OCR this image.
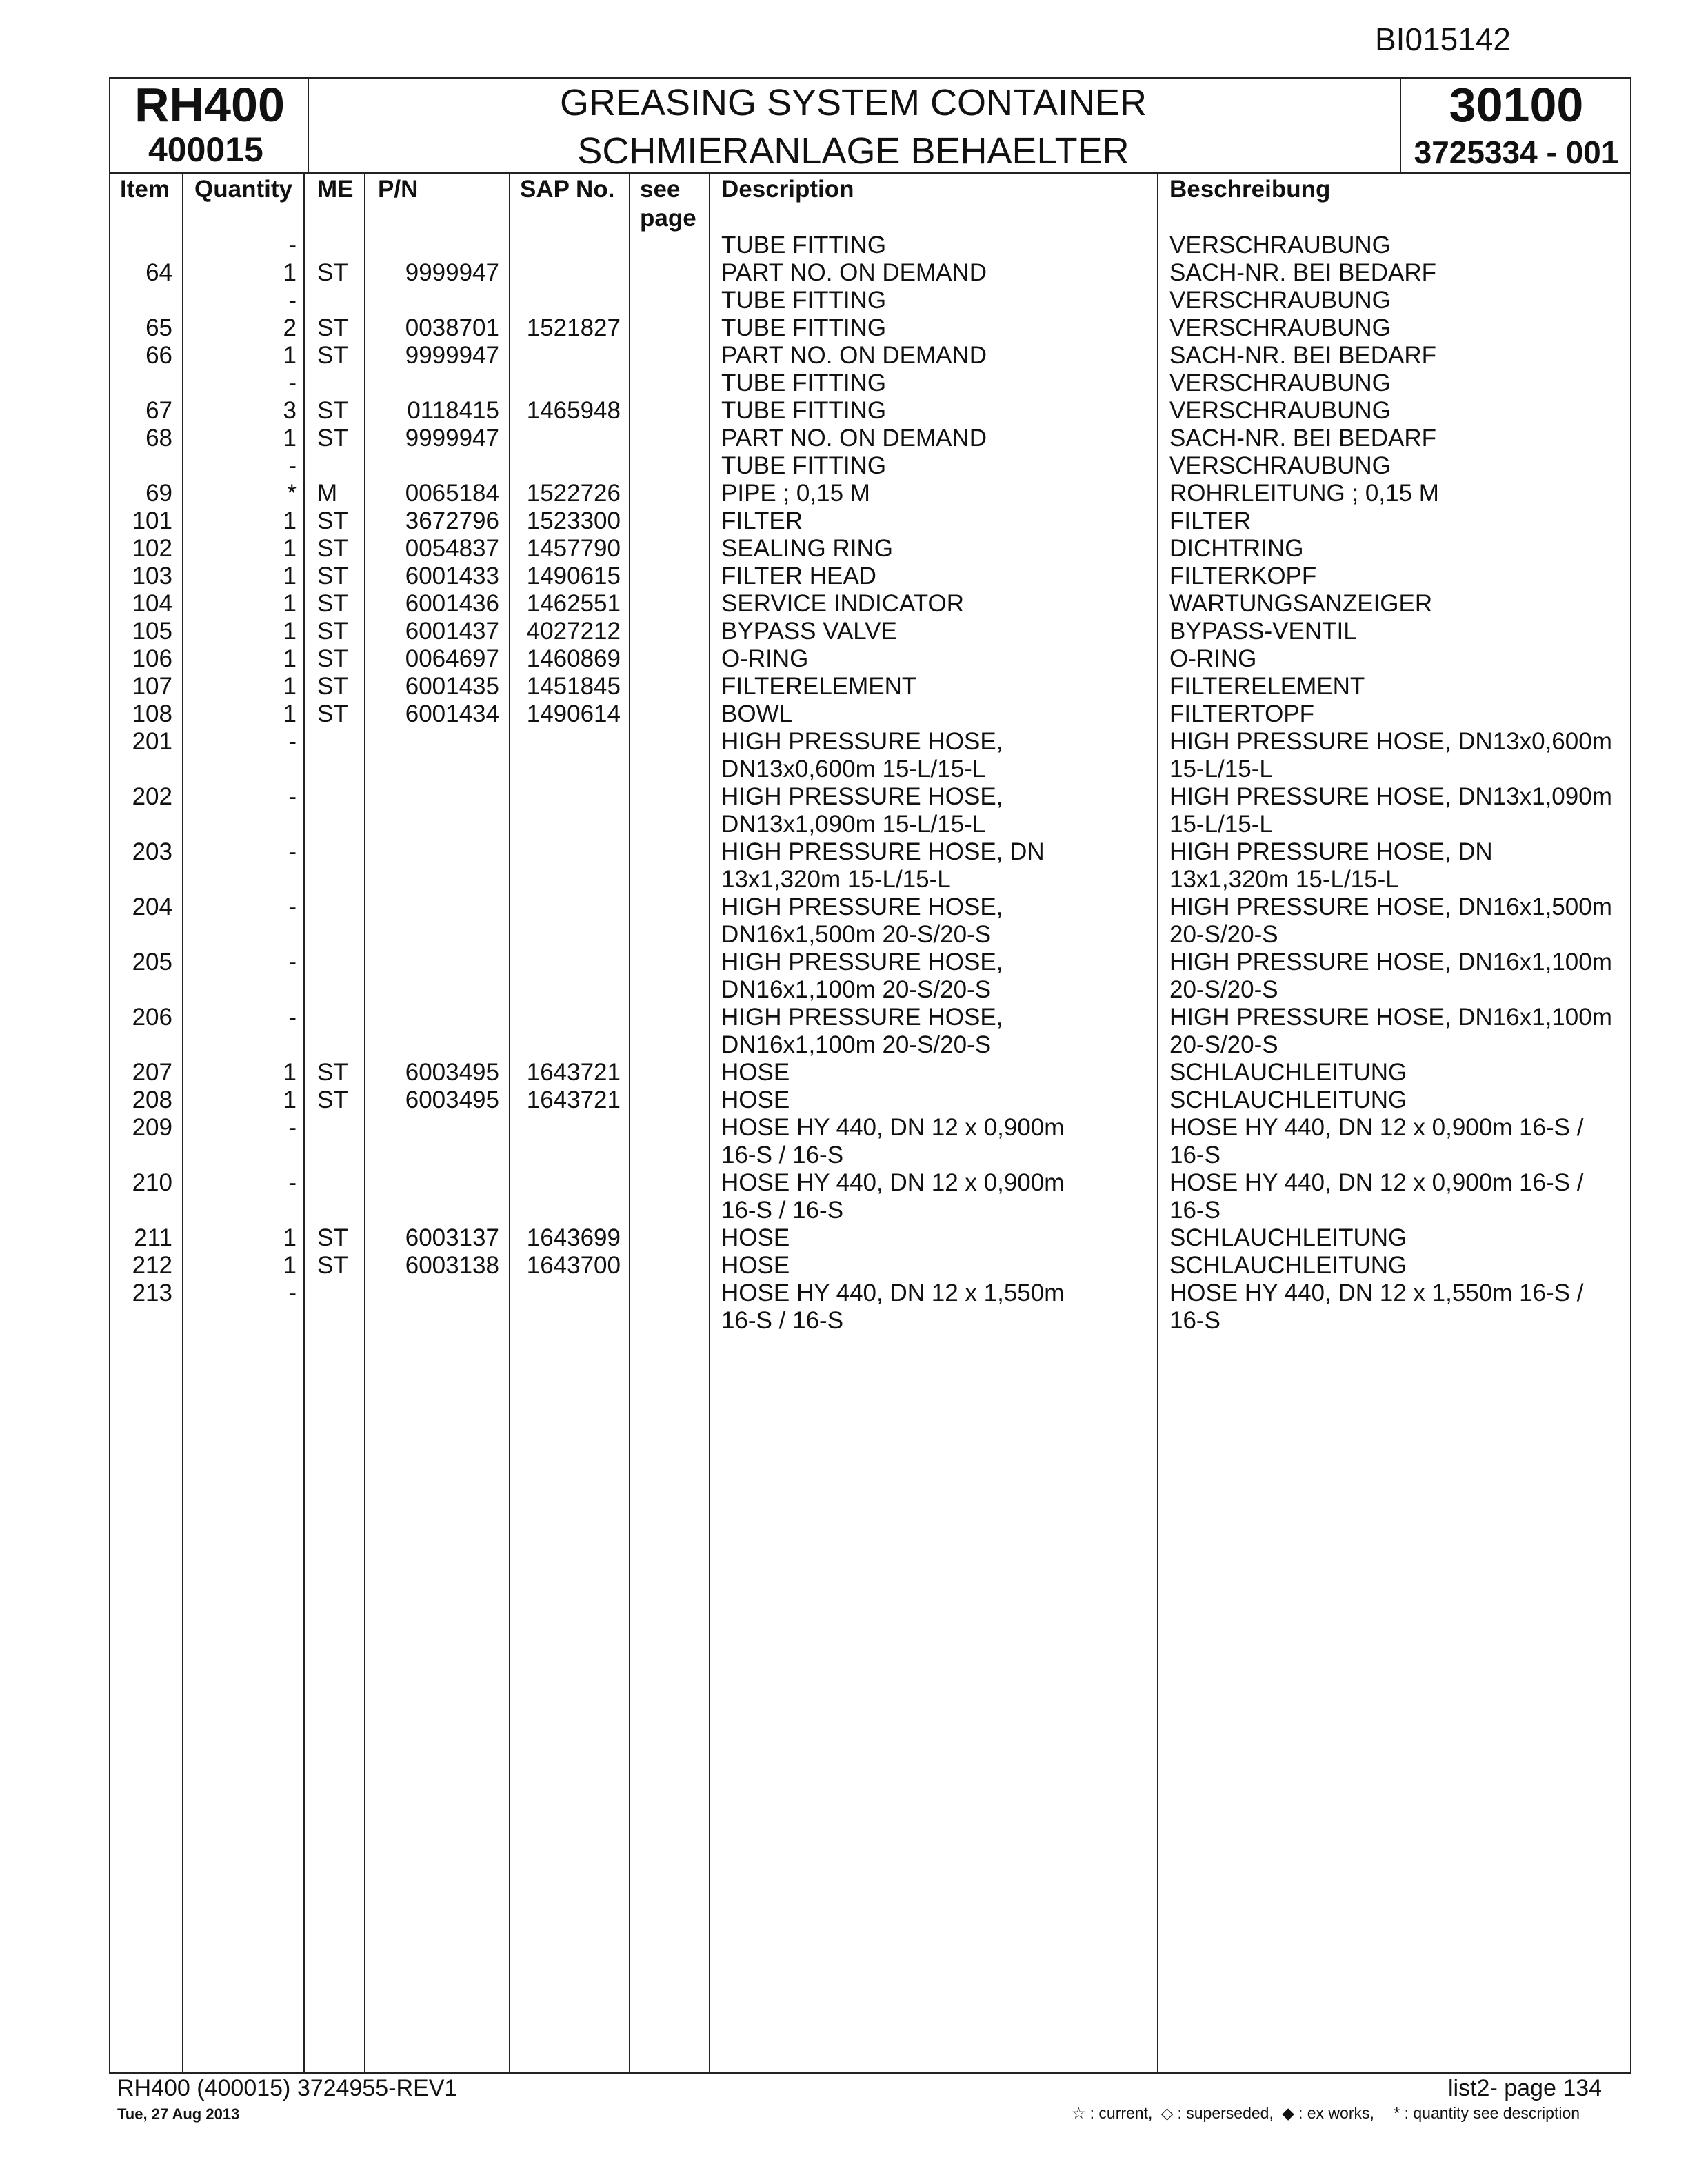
BI015142
RH400
400015
GREASING SYSTEM CONTAINER
SCHMIERANLAGE BEHAELTER
30100
3725334 - 001
Item Quantity ME P/N	SAP No. see
page
Description	Beschreibung
-	TUBE FITTING	VERSCHRAUBUNG
64	1 ST	9999947	PART NO. ON DEMAND	SACH-NR. BEI BEDARF
-	TUBE FITTING	VERSCHRAUBUNG
65	2 ST	0038701	1521827	TUBE FITTING	VERSCHRAUBUNG
66	1 ST	9999947	PART NO. ON DEMAND	SACH-NR. BEI BEDARF
-	TUBE FITTING	VERSCHRAUBUNG
67	3 ST	0118415	1465948	TUBE FITTING	VERSCHRAUBUNG
68	1 ST	9999947	PART NO. ON DEMAND	SACH-NR. BEI BEDARF
-	TUBE FITTING	VERSCHRAUBUNG
69	* M	0065184	1522726	PIPE ; 0,15 M	ROHRLEITUNG ; 0,15 M
101	1 ST	3672796	1523300	FILTER	FILTER
102	1 ST	0054837	1457790	SEALING RING	DICHTRING
103	1 ST	6001433	1490615	FILTER HEAD	FILTERKOPF
104	1 ST	6001436	1462551	SERVICE INDICATOR	WARTUNGSANZEIGER
105	1 ST	6001437	4027212	BYPASS VALVE	BYPASS-VENTIL
106	1 ST	0064697	1460869	O-RING	O-RING
107	1 ST	6001435	1451845	FILTERELEMENT	FILTERELEMENT
108	1 ST	6001434	1490614	BOWL	FILTERTOPF
201	-	HIGH PRESSURE HOSE,	HIGH PRESSURE HOSE, DN13x0,600m
DN13x0,600m 15-L/15-L	15-L/15-L
202	-	HIGH PRESSURE HOSE,	HIGH PRESSURE HOSE, DN13x1,090m
DN13x1,090m 15-L/15-L	15-L/15-L
203	-	HIGH PRESSURE HOSE, DN	HIGH PRESSURE HOSE, DN
13x1,320m 15-L/15-L	13x1,320m 15-L/15-L
204	-	HIGH PRESSURE HOSE,	HIGH PRESSURE HOSE, DN16x1,500m
DN16x1,500m 20-S/20-S	20-S/20-S
205	-	HIGH PRESSURE HOSE,	HIGH PRESSURE HOSE, DN16x1,100m
DN16x1,100m 20-S/20-S	20-S/20-S
206	-	HIGH PRESSURE HOSE,	HIGH PRESSURE HOSE, DN16x1,100m
DN16x1,100m 20-S/20-S	20-S/20-S
207	1 ST	6003495	1643721	HOSE	SCHLAUCHLEITUNG
208	1 ST	6003495	1643721	HOSE	SCHLAUCHLEITUNG
209	-	HOSE HY 440, DN 12 x 0,900m	HOSE HY 440, DN 12 x 0,900m 16-S /
16-S / 16-S	16-S
210	-	HOSE HY 440, DN 12 x 0,900m	HOSE HY 440, DN 12 x 0,900m 16-S /
16-S / 16-S	16-S
211	1 ST	6003137	1643699	HOSE	SCHLAUCHLEITUNG
212	1 ST	6003138	1643700	HOSE	SCHLAUCHLEITUNG
213	-	HOSE HY 440, DN 12 x 1,550m	HOSE HY 440, DN 12 x 1,550m 16-S /
16-S / 16-S	16-S
RH400 (400015) 3724955-REV1
Tue, 27 Aug 2013
list2- page 134
☆ : current, ◇ : superseded, ◆ : ex works, * : quantity see description
